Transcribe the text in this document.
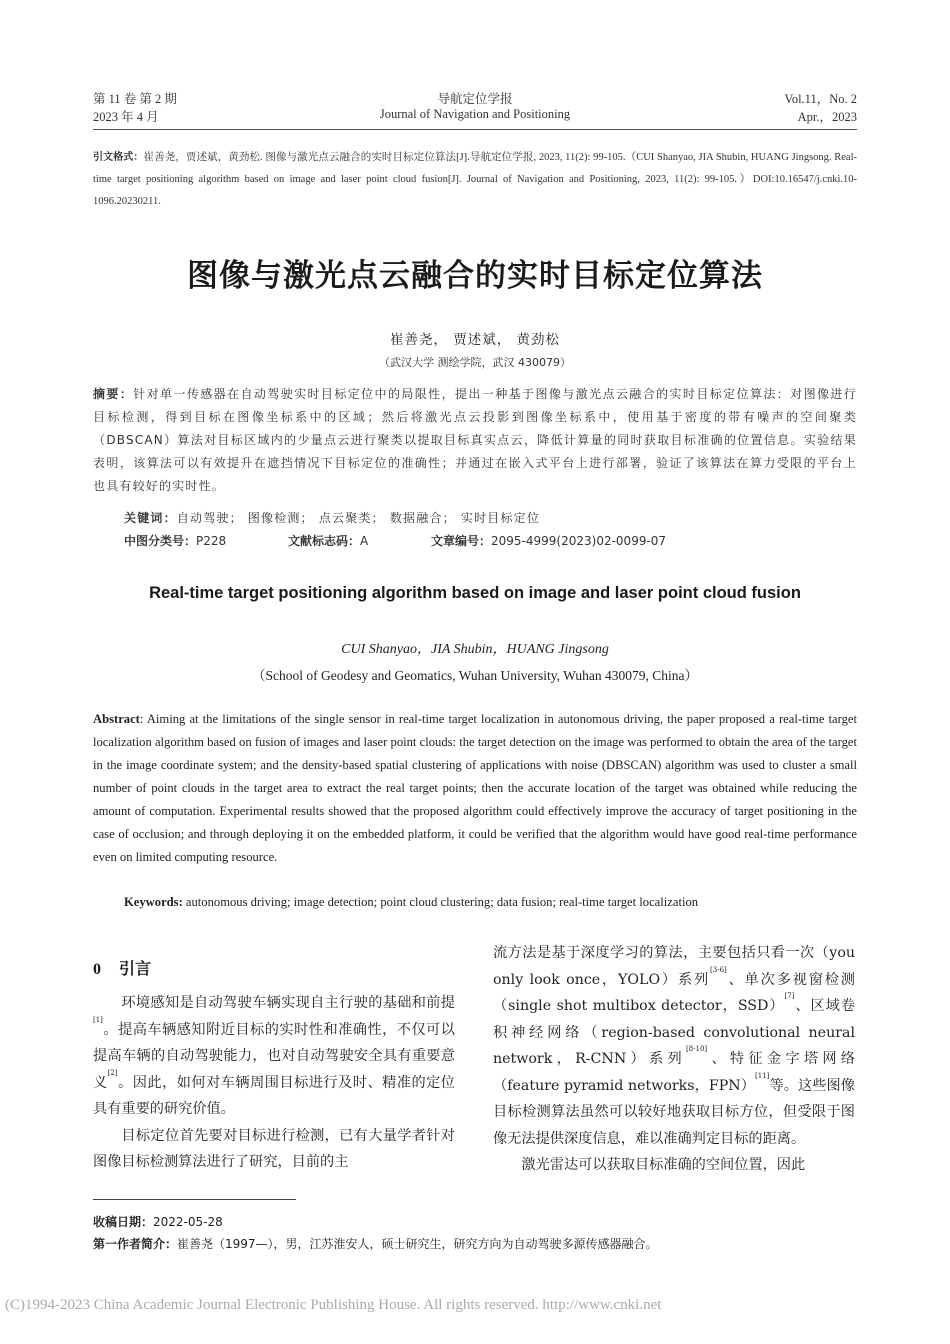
第 11 卷 第 2 期
2023 年 4 月
导航定位学报
Journal of Navigation and Positioning
Vol.11，No. 2
Apr.，2023
引文格式：崔善尧，贾述斌，黄劲松. 图像与激光点云融合的实时目标定位算法[J].导航定位学报, 2023, 11(2): 99-105.（CUI Shanyao, JIA Shubin, HUANG Jingsong. Real-time target positioning algorithm based on image and laser point cloud fusion[J]. Journal of Navigation and Positioning, 2023, 11(2): 99-105.）DOI:10.16547/j.cnki.10-1096.20230211.
图像与激光点云融合的实时目标定位算法
崔善尧， 贾述斌， 黄劲松
（武汉大学 测绘学院，武汉 430079）
摘要：针对单一传感器在自动驾驶实时目标定位中的局限性，提出一种基于图像与激光点云融合的实时目标定位算法：对图像进行目标检测，得到目标在图像坐标系中的区域；然后将激光点云投影到图像坐标系中，使用基于密度的带有噪声的空间聚类（DBSCAN）算法对目标区域内的少量点云进行聚类以提取目标真实点云，降低计算量的同时获取目标准确的位置信息。实验结果表明，该算法可以有效提升在遮挡情况下目标定位的准确性；并通过在嵌入式平台上进行部署，验证了该算法在算力受限的平台上也具有较好的实时性。
关键词：自动驾驶； 图像检测； 点云聚类； 数据融合； 实时目标定位
中图分类号：P228	文献标志码：A	文章编号：2095-4999(2023)02-0099-07
Real-time target positioning algorithm based on image and laser point cloud fusion
CUI Shanyao，JIA Shubin，HUANG Jingsong
（School of Geodesy and Geomatics, Wuhan University, Wuhan 430079, China）
Abstract: Aiming at the limitations of the single sensor in real-time target localization in autonomous driving, the paper proposed a real-time target localization algorithm based on fusion of images and laser point clouds: the target detection on the image was performed to obtain the area of the target in the image coordinate system; and the density-based spatial clustering of applications with noise (DBSCAN) algorithm was used to cluster a small number of point clouds in the target area to extract the real target points; then the accurate location of the target was obtained while reducing the amount of computation. Experimental results showed that the proposed algorithm could effectively improve the accuracy of target positioning in the case of occlusion; and through deploying it on the embedded platform, it could be verified that the algorithm would have good real-time performance even on limited computing resource.
Keywords: autonomous driving; image detection; point cloud clustering; data fusion; real-time target localization
0 引言

环境感知是自动驾驶车辆实现自主行驶的基础和前提[1]。提高车辆感知附近目标的实时性和准确性，不仅可以提高车辆的自动驾驶能力，也对自动驾驶安全具有重要意义[2]。因此，如何对车辆周围目标进行及时、精准的定位具有重要的研究价值。

目标定位首先要对目标进行检测，已有大量学者针对图像目标检测算法进行了研究，目前的主

流方法是基于深度学习的算法，主要包括只看一次（you only look once，YOLO）系列[3-6]、单次多视窗检测（single shot multibox detector，SSD）[7]、区域卷积神经网络（region-based convolutional neural network，R-CNN）系列[8-10]、特征金字塔网络（feature pyramid networks，FPN）[11]等。这些图像目标检测算法虽然可以较好地获取目标方位，但受限于图像无法提供深度信息，难以准确判定目标的距离。

激光雷达可以获取目标准确的空间位置，因此

收稿日期：2022-05-28
第一作者简介：崔善尧（1997—），男，江苏淮安人，硕士研究生，研究方向为自动驾驶多源传感器融合。
(C)1994-2023 China Academic Journal Electronic Publishing House. All rights reserved. http://www.cnki.net
